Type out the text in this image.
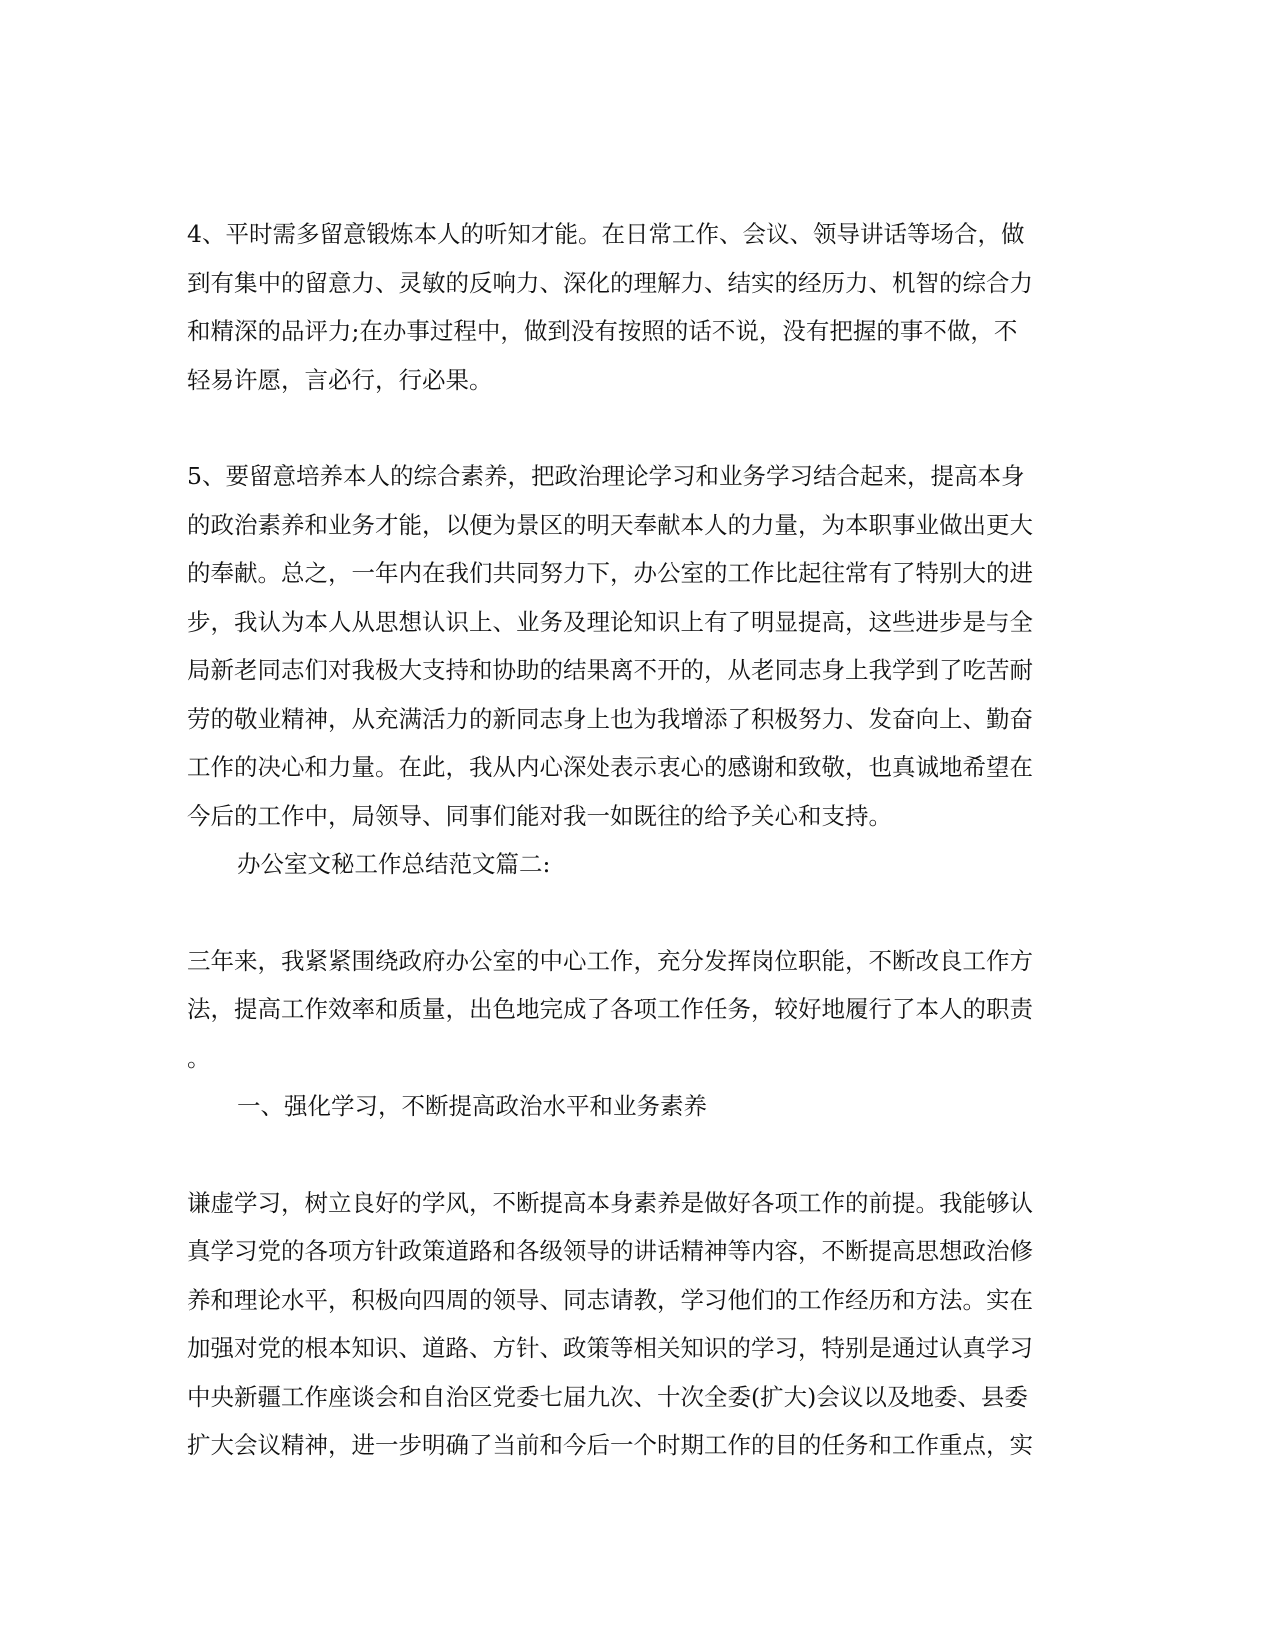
4、平时需多留意锻炼本人的听知才能。在日常工作、会议、领导讲话等场合，做
到有集中的留意力、灵敏的反响力、深化的理解力、结实的经历力、机智的综合力
和精深的品评力;在办事过程中，做到没有按照的话不说，没有把握的事不做，不
轻易许愿，言必行，行必果。
5、要留意培养本人的综合素养，把政治理论学习和业务学习结合起来，提高本身
的政治素养和业务才能，以便为景区的明天奉献本人的力量，为本职事业做出更大
的奉献。总之，一年内在我们共同努力下，办公室的工作比起往常有了特别大的进
步，我认为本人从思想认识上、业务及理论知识上有了明显提高，这些进步是与全
局新老同志们对我极大支持和协助的结果离不开的，从老同志身上我学到了吃苦耐
劳的敬业精神，从充满活力的新同志身上也为我增添了积极努力、发奋向上、勤奋
工作的决心和力量。在此，我从内心深处表示衷心的感谢和致敬，也真诚地希望在
今后的工作中，局领导、同事们能对我一如既往的给予关心和支持。
办公室文秘工作总结范文篇二:
三年来，我紧紧围绕政府办公室的中心工作，充分发挥岗位职能，不断改良工作方
法，提高工作效率和质量，出色地完成了各项工作任务，较好地履行了本人的职责
。
一、强化学习，不断提高政治水平和业务素养
谦虚学习，树立良好的学风，不断提高本身素养是做好各项工作的前提。我能够认
真学习党的各项方针政策道路和各级领导的讲话精神等内容，不断提高思想政治修
养和理论水平，积极向四周的领导、同志请教，学习他们的工作经历和方法。实在
加强对党的根本知识、道路、方针、政策等相关知识的学习，特别是通过认真学习
中央新疆工作座谈会和自治区党委七届九次、十次全委(扩大)会议以及地委、县委
扩大会议精神，进一步明确了当前和今后一个时期工作的目的任务和工作重点，实
